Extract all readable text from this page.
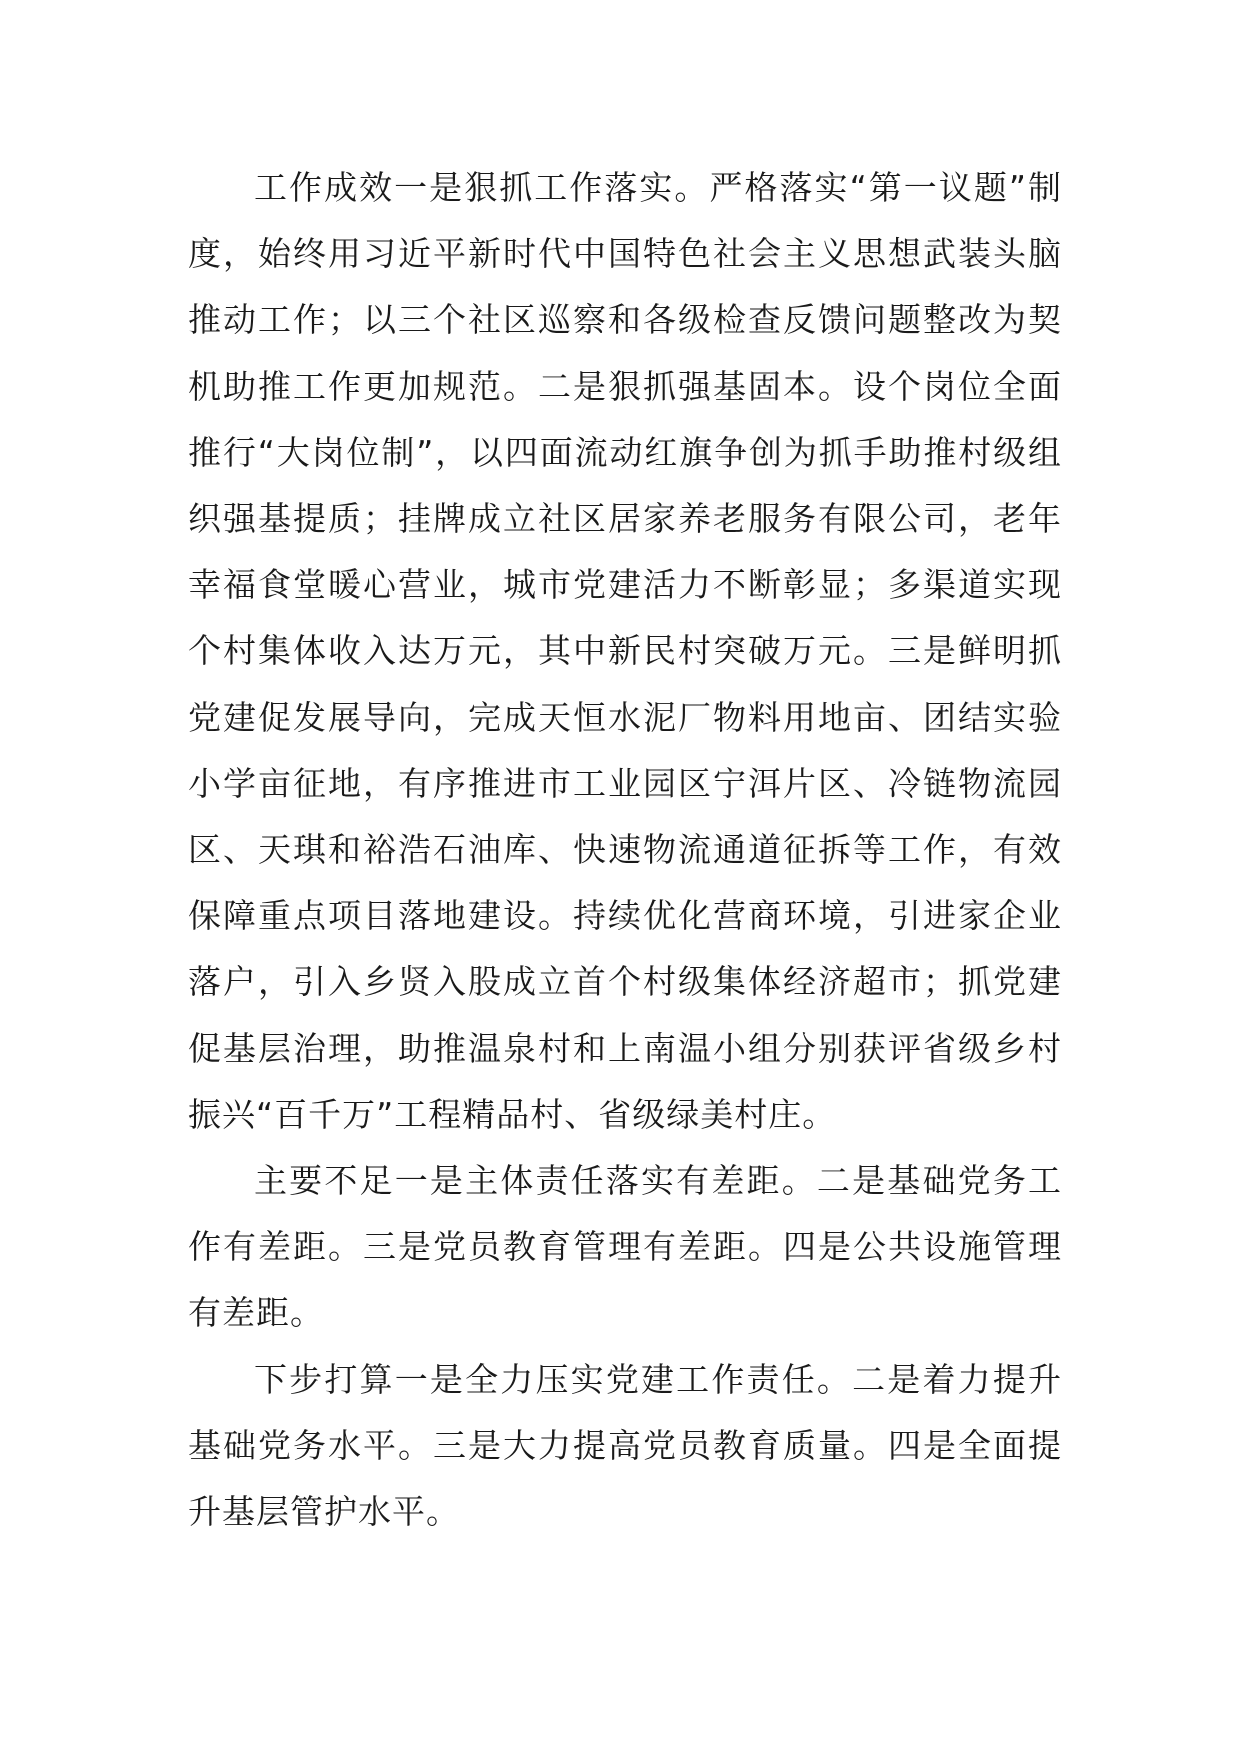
工作成效一是狠抓工作落实。严格落实“第一议题”制度，始终用习近平新时代中国特色社会主义思想武装头脑推动工作；以三个社区巡察和各级检查反馈问题整改为契机助推工作更加规范。二是狠抓强基固本。设个岗位全面推行“大岗位制”，以四面流动红旗争创为抓手助推村级组织强基提质；挂牌成立社区居家养老服务有限公司，老年幸福食堂暖心营业，城市党建活力不断彰显；多渠道实现个村集体收入达万元，其中新民村突破万元。三是鲜明抓党建促发展导向，完成天恒水泥厂物料用地亩、团结实验小学亩征地，有序推进市工业园区宁洱片区、冷链物流园区、天琪和裕浩石油库、快速物流通道征拆等工作，有效保障重点项目落地建设。持续优化营商环境，引进家企业落户，引入乡贤入股成立首个村级集体经济超市；抓党建促基层治理，助推温泉村和上南温小组分别获评省级乡村振兴“百千万”工程精品村、省级绿美村庄。

主要不足一是主体责任落实有差距。二是基础党务工作有差距。三是党员教育管理有差距。四是公共设施管理有差距。

下步打算一是全力压实党建工作责任。二是着力提升基础党务水平。三是大力提高党员教育质量。四是全面提升基层管护水平。
